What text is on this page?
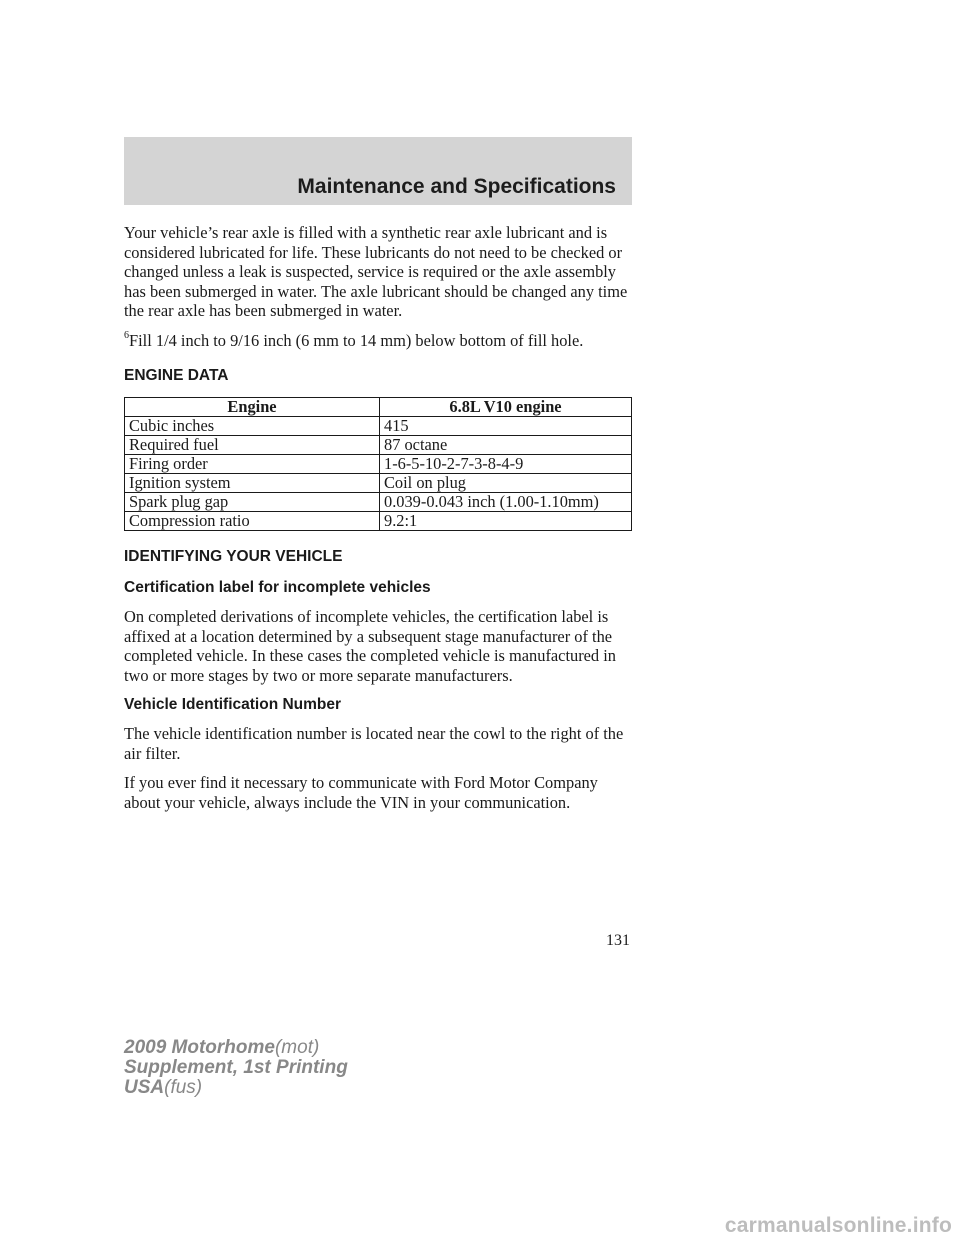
Maintenance and Specifications

Your vehicle’s rear axle is filled with a synthetic rear axle lubricant and is considered lubricated for life. These lubricants do not need to be checked or changed unless a leak is suspected, service is required or the axle assembly has been submerged in water. The axle lubricant should be changed any time the rear axle has been submerged in water.

$^6$Fill 1/4 inch to 9/16 inch (6 mm to 14 mm) below bottom of fill hole.

ENGINE DATA
Engine	6.8L V10 engine
Cubic inches	415
Required fuel	87 octane
Firing order	1-6-5-10-2-7-3-8-4-9
Ignition system	Coil on plug
Spark plug gap	0.039-0.043 inch (1.00-1.10mm)
Compression ratio	9.2:1
IDENTIFYING YOUR VEHICLE
Certification label for incomplete vehicles

On completed derivations of incomplete vehicles, the certification label is affixed at a location determined by a subsequent stage manufacturer of the completed vehicle. In these cases the completed vehicle is manufactured in two or more stages by two or more separate manufacturers.

Vehicle Identification Number

The vehicle identification number is located near the cowl to the right of the air filter.

If you ever find it necessary to communicate with Ford Motor Company about your vehicle, always include the VIN in your communication.

131
2009 Motorhome(mot)
Supplement, 1st Printing
USA(fus)
carmanualsonline.info
